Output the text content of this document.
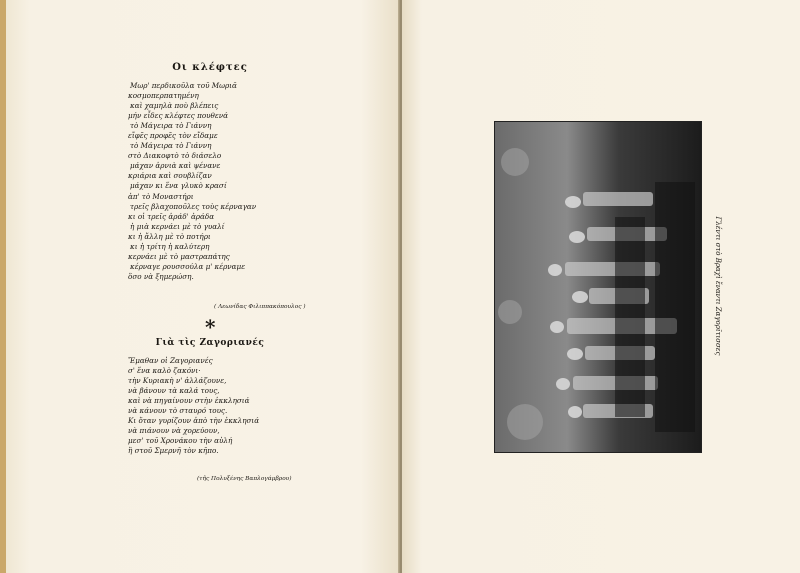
Οι κλέφτες
Μωρ' περδικοῦλα τοῦ Μωριᾶ
κοσμοπερπατημένη
καὶ χαμηλὰ ποὺ βλέπεις
μήν εἶδες κλέφτες πουθενά
τὸ Μάγειρα τὸ Γιάννη
εἴφε̃ς προφε̃ς τὸν εἴδαμε
τὸ Μάγειρα τὸ Γιάννη
στὸ Διακοφτὸ τὸ διάσελο
μάχαν ἀρνιὰ καὶ ψένανε
κριάρια καὶ σουβλίζαν
μάχαν κι ἕνα γλυκὸ κρασί
ἀπ' τὸ Μοναστήρι
τρεῖς βλαχοποῦλες τοὺς κέρναγαν
κι οἱ τρεῖς ἀράδ' ἀράδα
ἡ μιὰ κερνάει μὲ τὸ γυαλί
κι ἡ ἄλλη μὲ τὸ ποτήρι
κι ἡ τρίτη ἡ καλύτερη
κερνάει μὲ τὸ μαστραπάτης
κέρναγε ρουσσούλα μ' κέρναμε
ὅσο νὰ ξημερώση.
( Λεωνίδας Φιλιππακόπουλος )
*
Γιὰ τὶς Ζαγοριανές
Ἔμαθαν οἱ Ζαγοριανές
σ' ἕνα καλὸ ζακόνι·
τὴν Κυριακὴ ν' ἀλλάζουνε,
νὰ βάνουν τὰ καλά τους,
καὶ νὰ πηγαίνουν στὴν ἐκκλησιά
νὰ κάνουν τὸ σταυρό τους.
Κι ὅταν γυρίζουν ἀπὸ τὴν ἐκκλησιά
νὰ πιάνουν νὰ χορεύουν,
μεσ' τοῦ Χρονάκου τὴν αὐλή
ἢ στοῦ Σμερνῆ τὸν κῆπο.
(τῆς Πολυξένης Βαπλογάμβρου)
Γλέντι στὸ Βραχὶ ἔναντι Ζαγορῖτισσες
